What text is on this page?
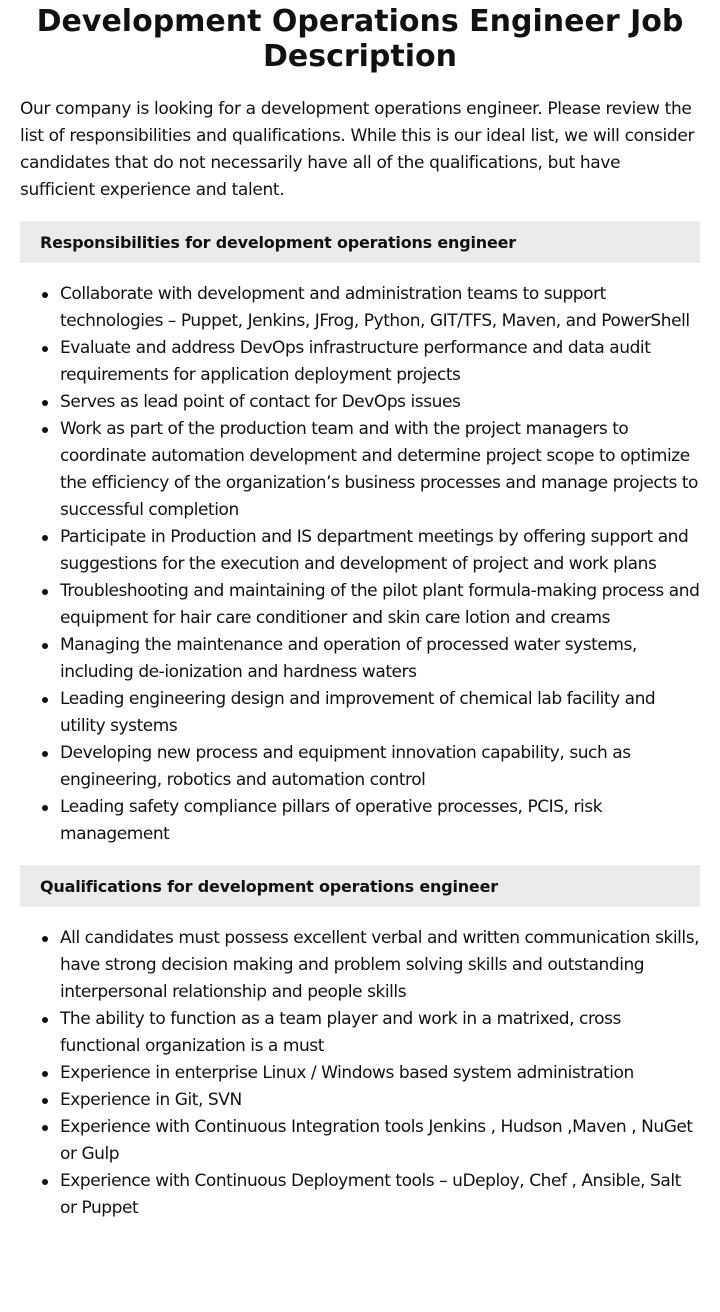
Development Operations Engineer Job Description

Our company is looking for a development operations engineer. Please review the list of responsibilities and qualifications. While this is our ideal list, we will consider candidates that do not necessarily have all of the qualifications, but have sufficient experience and talent.

Responsibilities for development operations engineer
Collaborate with development and administration teams to support technologies – Puppet, Jenkins, JFrog, Python, GIT/TFS, Maven, and PowerShell
Evaluate and address DevOps infrastructure performance and data audit requirements for application deployment projects
Serves as lead point of contact for DevOps issues
Work as part of the production team and with the project managers to coordinate automation development and determine project scope to optimize the efficiency of the organization’s business processes and manage projects to successful completion
Participate in Production and IS department meetings by offering support and suggestions for the execution and development of project and work plans
Troubleshooting and maintaining of the pilot plant formula-making process and equipment for hair care conditioner and skin care lotion and creams
Managing the maintenance and operation of processed water systems, including de-ionization and hardness waters
Leading engineering design and improvement of chemical lab facility and utility systems
Developing new process and equipment innovation capability, such as engineering, robotics and automation control
Leading safety compliance pillars of operative processes, PCIS, risk management
Qualifications for development operations engineer
All candidates must possess excellent verbal and written communication skills, have strong decision making and problem solving skills and outstanding interpersonal relationship and people skills
The ability to function as a team player and work in a matrixed, cross functional organization is a must
Experience in enterprise Linux / Windows based system administration
Experience in Git, SVN
Experience with Continuous Integration tools Jenkins , Hudson ,Maven , NuGet or Gulp
Experience with Continuous Deployment tools – uDeploy, Chef , Ansible, Salt or Puppet
